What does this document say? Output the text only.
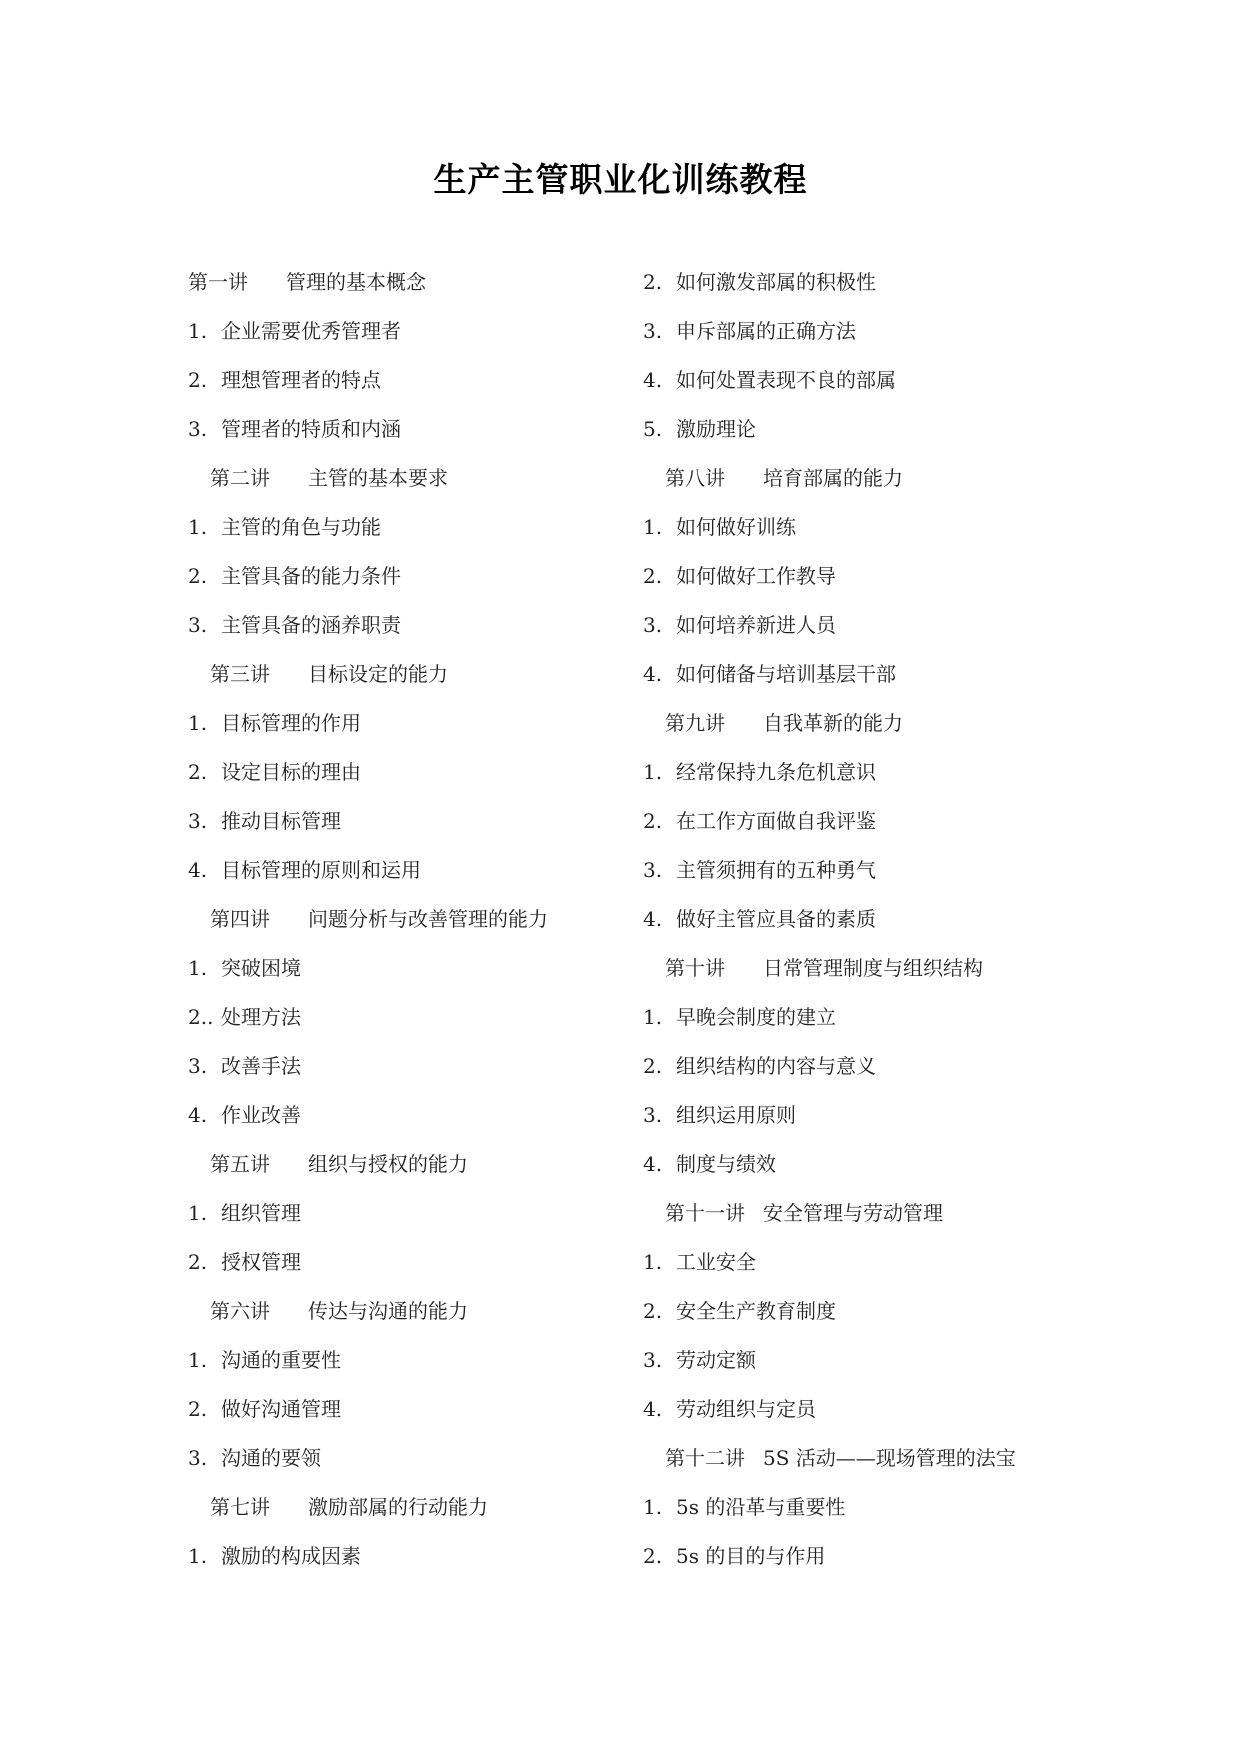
生产主管职业化训练教程
第一讲	管理的基本概念
1. 企业需要优秀管理者
2. 理想管理者的特点
3. 管理者的特质和内涵
第二讲	主管的基本要求
1. 主管的角色与功能
2. 主管具备的能力条件
3. 主管具备的涵养职责
第三讲	目标设定的能力
1. 目标管理的作用
2. 设定目标的理由
3. 推动目标管理
4. 目标管理的原则和运用
第四讲	问题分析与改善管理的能力
1. 突破困境
2.. 处理方法
3. 改善手法
4. 作业改善
第五讲	组织与授权的能力
1. 组织管理
2. 授权管理
第六讲	传达与沟通的能力
1. 沟通的重要性
2. 做好沟通管理
3. 沟通的要领
第七讲	激励部属的行动能力
1. 激励的构成因素
2. 如何激发部属的积极性
3. 申斥部属的正确方法
4. 如何处置表现不良的部属
5. 激励理论
第八讲	培育部属的能力
1. 如何做好训练
2. 如何做好工作教导
3. 如何培养新进人员
4. 如何储备与培训基层干部
第九讲	自我革新的能力
1. 经常保持九条危机意识
2. 在工作方面做自我评鉴
3. 主管须拥有的五种勇气
4. 做好主管应具备的素质
第十讲	日常管理制度与组织结构
1. 早晚会制度的建立
2. 组织结构的内容与意义
3. 组织运用原则
4. 制度与绩效
第十一讲 安全管理与劳动管理
1. 工业安全
2. 安全生产教育制度
3. 劳动定额
4. 劳动组织与定员
第十二讲 5S 活动——现场管理的法宝
1. 5s 的沿革与重要性
2. 5s 的目的与作用
